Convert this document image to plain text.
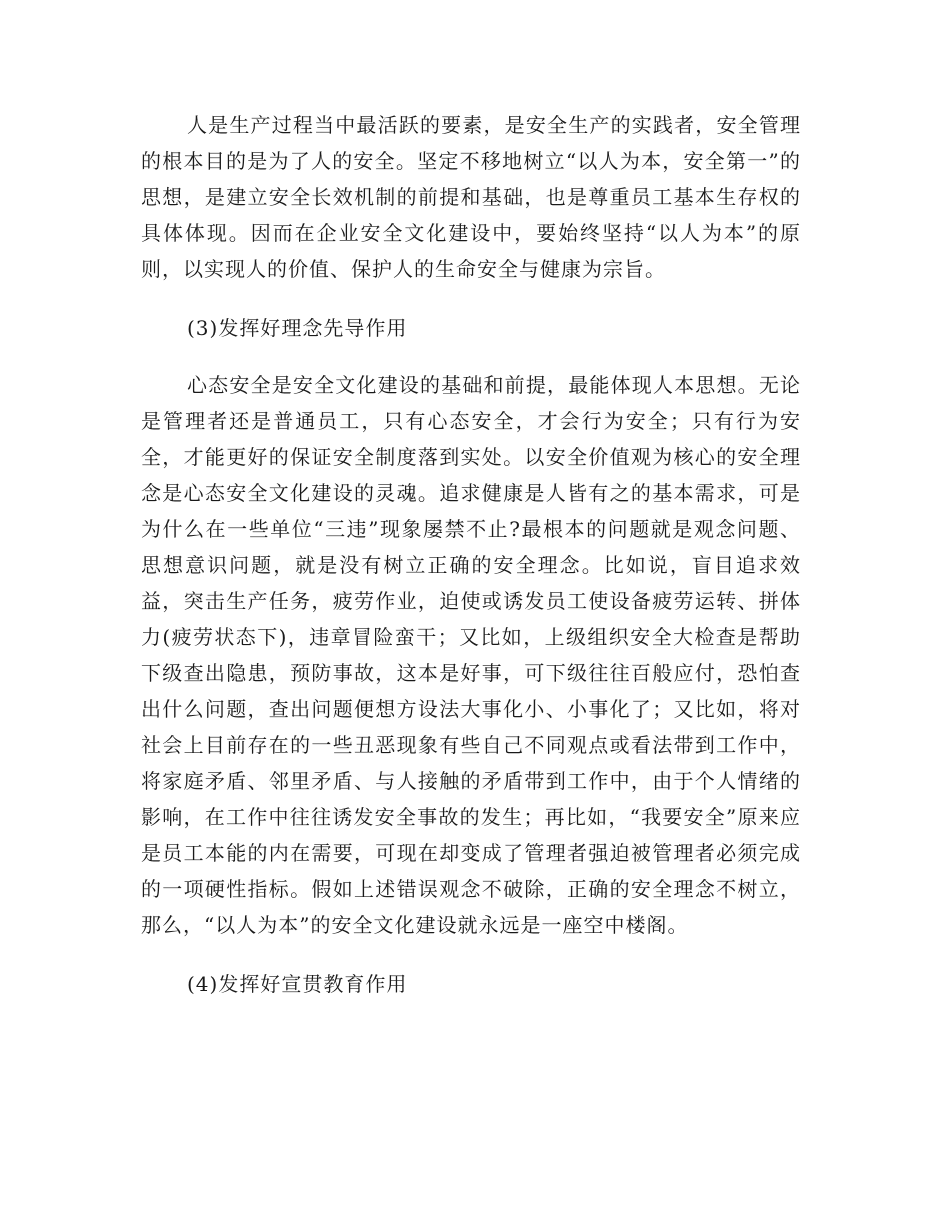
人是生产过程当中最活跃的要素，是安全生产的实践者，安全管理的根本目的是为了人的安全。坚定不移地树立“以人为本，安全第一”的思想，是建立安全长效机制的前提和基础，也是尊重员工基本生存权的具体体现。因而在企业安全文化建设中，要始终坚持“以人为本”的原则，以实现人的价值、保护人的生命安全与健康为宗旨。

(3)发挥好理念先导作用

心态安全是安全文化建设的基础和前提，最能体现人本思想。无论是管理者还是普通员工，只有心态安全，才会行为安全；只有行为安全，才能更好的保证安全制度落到实处。以安全价值观为核心的安全理念是心态安全文化建设的灵魂。追求健康是人皆有之的基本需求，可是为什么在一些单位“三违”现象屡禁不止?最根本的问题就是观念问题、思想意识问题，就是没有树立正确的安全理念。比如说，盲目追求效益，突击生产任务，疲劳作业，迫使或诱发员工使设备疲劳运转、拼体力(疲劳状态下)，违章冒险蛮干；又比如，上级组织安全大检查是帮助下级查出隐患，预防事故，这本是好事，可下级往往百般应付，恐怕查出什么问题，查出问题便想方设法大事化小、小事化了；又比如，将对社会上目前存在的一些丑恶现象有些自己不同观点或看法带到工作中，将家庭矛盾、邻里矛盾、与人接触的矛盾带到工作中，由于个人情绪的影响，在工作中往往诱发安全事故的发生；再比如，“我要安全”原来应是员工本能的内在需要，可现在却变成了管理者强迫被管理者必须完成的一项硬性指标。假如上述错误观念不破除，正确的安全理念不树立，那么，“以人为本”的安全文化建设就永远是一座空中楼阁。

(4)发挥好宣贯教育作用
